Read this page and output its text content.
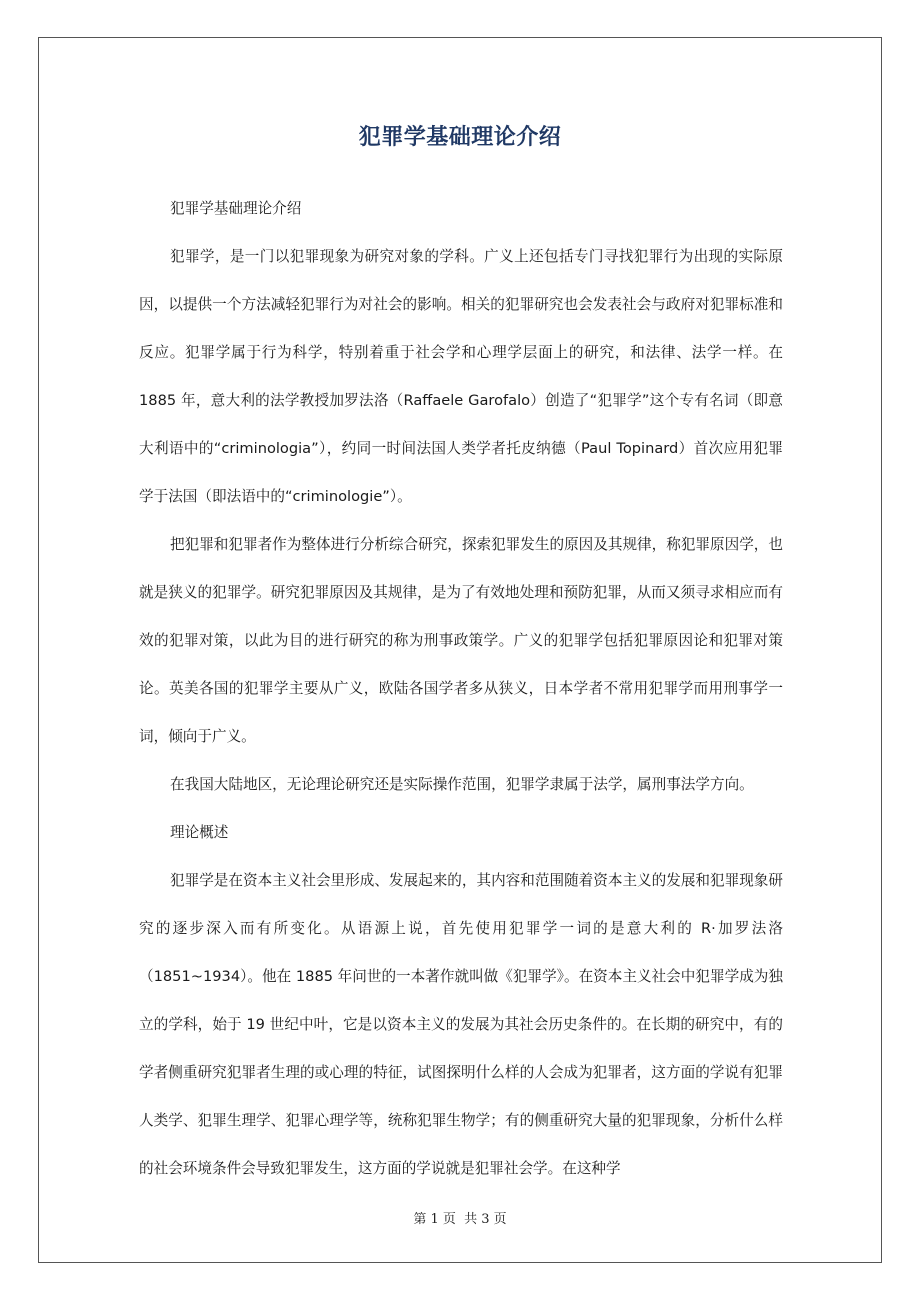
犯罪学基础理论介绍

犯罪学基础理论介绍

犯罪学，是一门以犯罪现象为研究对象的学科。广义上还包括专门寻找犯罪行为出现的实际原因，以提供一个方法减轻犯罪行为对社会的影响。相关的犯罪研究也会发表社会与政府对犯罪标准和反应。犯罪学属于行为科学，特别着重于社会学和心理学层面上的研究，和法律、法学一样。在 1885 年，意大利的法学教授加罗法洛（Raffaele Garofalo）创造了“犯罪学”这个专有名词（即意大利语中的“criminologia”），约同一时间法国人类学者托皮纳德（Paul Topinard）首次应用犯罪学于法国（即法语中的“criminologie”）。

把犯罪和犯罪者作为整体进行分析综合研究，探索犯罪发生的原因及其规律，称犯罪原因学，也就是狭义的犯罪学。研究犯罪原因及其规律，是为了有效地处理和预防犯罪，从而又须寻求相应而有效的犯罪对策，以此为目的进行研究的称为刑事政策学。广义的犯罪学包括犯罪原因论和犯罪对策论。英美各国的犯罪学主要从广义，欧陆各国学者多从狭义，日本学者不常用犯罪学而用刑事学一词，倾向于广义。

在我国大陆地区，无论理论研究还是实际操作范围，犯罪学隶属于法学，属刑事法学方向。

理论概述

犯罪学是在资本主义社会里形成、发展起来的，其内容和范围随着资本主义的发展和犯罪现象研究的逐步深入而有所变化。从语源上说，首先使用犯罪学一词的是意大利的 R·加罗法洛（1851~1934）。他在 1885 年问世的一本著作就叫做《犯罪学》。在资本主义社会中犯罪学成为独立的学科，始于 19 世纪中叶，它是以资本主义的发展为其社会历史条件的。在长期的研究中，有的学者侧重研究犯罪者生理的或心理的特征，试图探明什么样的人会成为犯罪者，这方面的学说有犯罪人类学、犯罪生理学、犯罪心理学等，统称犯罪生物学；有的侧重研究大量的犯罪现象，分析什么样的社会环境条件会导致犯罪发生，这方面的学说就是犯罪社会学。在这种学

第 1 页 共 3 页
